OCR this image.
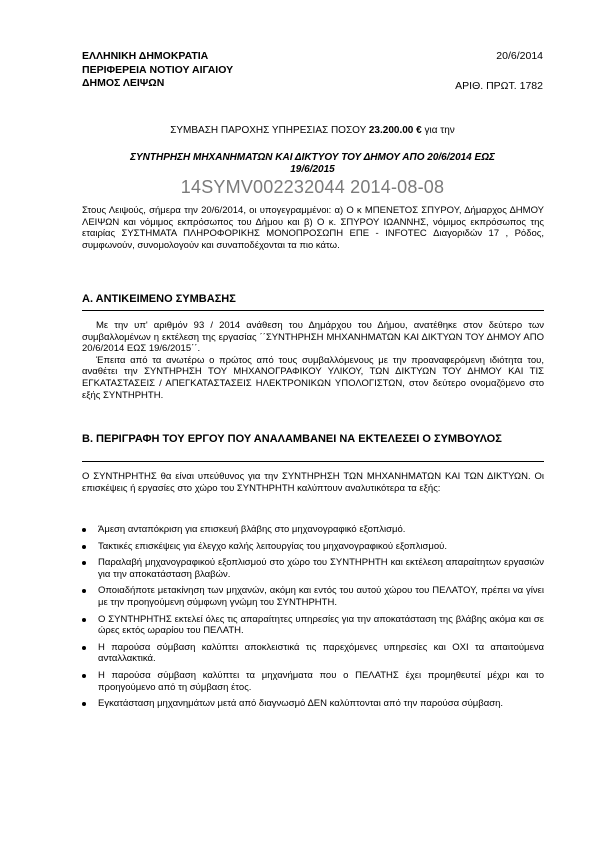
ΕΛΛΗΝΙΚΗ ΔΗΜΟΚΡΑΤΙΑ
ΠΕΡΙΦΕΡΕΙΑ ΝΟΤΙΟΥ ΑΙΓΑΙΟΥ
ΔΗΜΟΣ ΛΕΙΨΩΝ
20/6/2014
ΑΡΙΘ. ΠΡΩΤ. 1782
ΣΥΜΒΑΣΗ ΠΑΡΟΧΗΣ ΥΠΗΡΕΣΙΑΣ ΠΟΣΟΥ 23.200.00 € για την
ΣΥΝΤΗΡΗΣΗ ΜΗΧΑΝΗΜΑΤΩΝ ΚΑΙ ΔΙΚΤΥΟΥ ΤΟΥ ΔΗΜΟΥ ΑΠΟ 20/6/2014 ΕΩΣ
19/6/2015
14SYMV002232044 2014-08-08
Στους Λειψούς, σήμερα την 20/6/2014, οι υπογεγραμμένοι: α) Ο κ ΜΠΕΝΕΤΟΣ ΣΠΥΡΟΥ, Δήμαρχος ΔΗΜΟΥ ΛΕΙΨΩΝ και νόμιμος εκπρόσωπος του Δήμου και β) Ο κ. ΣΠΥΡΟΥ ΙΩΑΝΝΗΣ, νόμιμος εκπρόσωπος της εταιρίας ΣΥΣΤΗΜΑΤΑ ΠΛΗΡΟΦΟΡΙΚΗΣ ΜΟΝΟΠΡΟΣΩΠΗ ΕΠΕ - INFOTEC Διαγοριδών 17 , Ρόδος, συμφωνούν, συνομολογούν και συναποδέχονται τα πιο κάτω.
Α. ΑΝΤΙΚΕΙΜΕΝΟ ΣΥΜΒΑΣΗΣ
Με την υπ' αριθμόν 93 / 2014 ανάθεση του Δημάρχου του Δήμου, ανατέθηκε στον δεύτερο των συμβαλλομένων η εκτέλεση της εργασίας ΄΄ΣΥΝΤΗΡΗΣΗ ΜΗΧΑΝΗΜΑΤΩΝ ΚΑΙ ΔΙΚΤΥΩΝ ΤΟΥ ΔΗΜΟΥ ΑΠΟ 20/6/2014 ΕΩΣ 19/6/2015΄΄.
Έπειτα από τα ανωτέρω ο πρώτος από τους συμβαλλόμενους με την προαναφερόμενη ιδιότητα του, αναθέτει την ΣΥΝΤΗΡΗΣΗ ΤΟΥ ΜΗΧΑΝΟΓΡΑΦΙΚΟΥ ΥΛΙΚΟΥ, ΤΩΝ ΔΙΚΤΥΩΝ ΤΟΥ ΔΗΜΟΥ ΚΑΙ ΤΙΣ ΕΓΚΑΤΑΣΤΑΣΕΙΣ / ΑΠΕΓΚΑΤΑΣΤΑΣΕΙΣ ΗΛΕΚΤΡΟΝΙΚΩΝ ΥΠΟΛΟΓΙΣΤΩΝ, στον δεύτερο ονομαζόμενο στο εξής ΣΥΝΤΗΡΗΤΗ.
Β. ΠΕΡΙΓΡΑΦΗ ΤΟΥ ΕΡΓΟΥ ΠΟΥ ΑΝΑΛΑΜΒΑΝΕΙ ΝΑ ΕΚΤΕΛΕΣΕΙ Ο ΣΥΜΒΟΥΛΟΣ
Ο ΣΥΝΤΗΡΗΤΗΣ θα είναι υπεύθυνος για την ΣΥΝΤΗΡΗΣΗ ΤΩΝ ΜΗΧΑΝΗΜΑΤΩΝ ΚΑΙ ΤΩΝ ΔΙΚΤΥΩΝ. Οι επισκέψεις ή εργασίες στο χώρο του ΣΥΝΤΗΡΗΤΗ καλύπτουν αναλυτικότερα τα εξής:
Άμεση ανταπόκριση για επισκευή βλάβης στο μηχανογραφικό εξοπλισμό.
Τακτικές επισκέψεις για έλεγχο καλής λειτουργίας του μηχανογραφικού εξοπλισμού.
Παραλαβή μηχανογραφικού εξοπλισμού στο χώρο του ΣΥΝΤΗΡΗΤΗ και εκτέλεση απαραίτητων εργασιών για την αποκατάσταση βλαβών.
Οποιαδήποτε μετακίνηση των μηχανών, ακόμη και εντός του αυτού χώρου του ΠΕΛΑΤΟΥ, πρέπει να γίνει με την προηγούμενη σύμφωνη γνώμη του ΣΥΝΤΗΡΗΤΗ.
Ο ΣΥΝΤΗΡΗΤΗΣ εκτελεί όλες τις απαραίτητες υπηρεσίες για την αποκατάσταση της βλάβης ακόμα και σε ώρες εκτός ωραρίου του ΠΕΛΑΤΗ.
Η παρούσα σύμβαση καλύπτει αποκλειστικά τις παρεχόμενες υπηρεσίες και ΟΧΙ τα απαιτούμενα ανταλλακτικά.
Η παρούσα σύμβαση καλύπτει τα μηχανήματα που ο ΠΕΛΑΤΗΣ έχει προμηθευτεί μέχρι και το προηγούμενο από τη σύμβαση έτος.
Εγκατάσταση μηχανημάτων μετά από διαγνωσμό ΔΕΝ καλύπτονται από την παρούσα σύμβαση.
